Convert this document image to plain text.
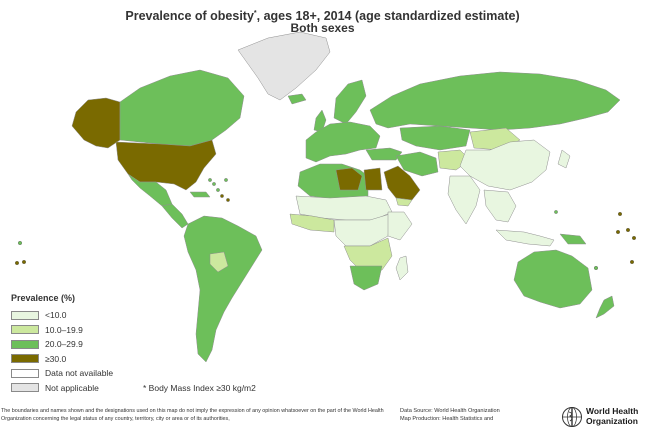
Prevalence of obesity*, ages 18+, 2014 (age standardized estimate)
Both sexes
Prevalence (%)
<10.0
10.0–19.9
20.0–29.9
≥30.0
Data not available
Not applicable	* Body Mass Index ≥30 kg/m2
The boundaries and names shown and the designations used on this map do not imply the expression of any opinion whatsoever on the part of the World Health Organization concerning the legal status of any country, territory, city or area or of its authorities,
Data Source: World Health Organization
Map Production: Health Statistics and
World Health
Organization
